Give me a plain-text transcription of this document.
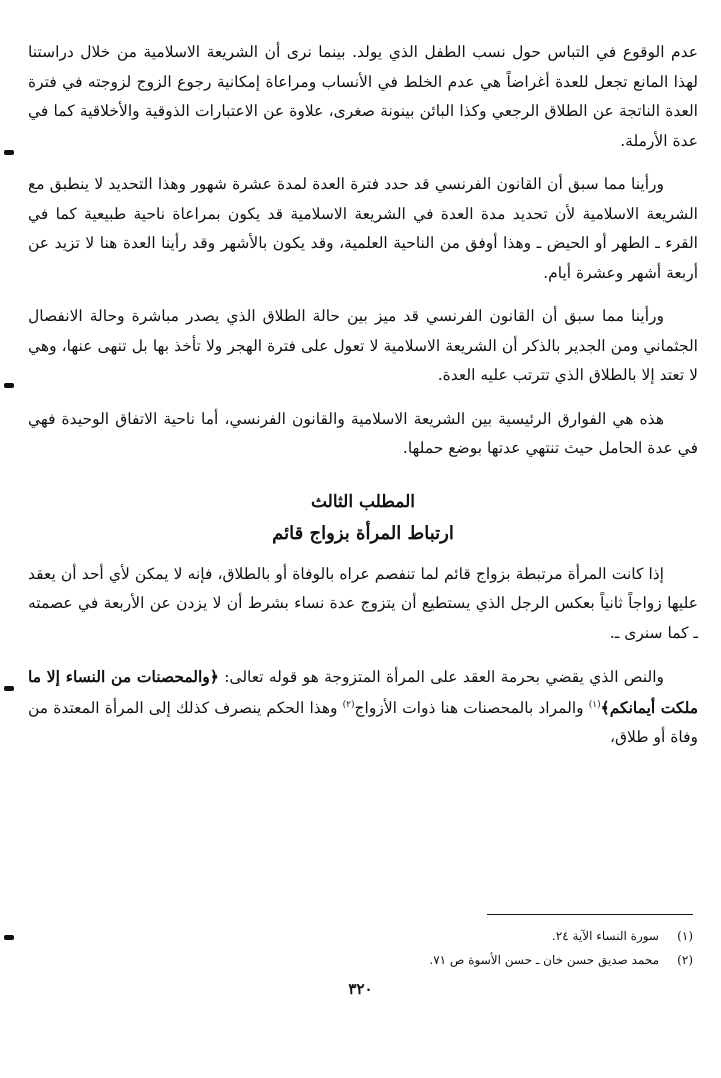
عدم الوقوع في التباس حول نسب الطفل الذي يولد. بينما نرى أن الشريعة الاسلامية من خلال دراستنا لهذا المانع تجعل للعدة أغراضاً هي عدم الخلط في الأنساب ومراعاة إمكانية رجوع الزوج لزوجته في فترة العدة الناتجة عن الطلاق الرجعي وكذا البائن بينونة صغرى، علاوة عن الاعتبارات الذوقية والأخلاقية كما في عدة الأرملة.

ورأينا مما سبق أن القانون الفرنسي قد حدد فترة العدة لمدة عشرة شهور وهذا التحديد لا ينطبق مع الشريعة الاسلامية لأن تحديد مدة العدة في الشريعة الاسلامية قد يكون بمراعاة ناحية طبيعية كما في القرء ـ الطهر أو الحيض ـ وهذا أوفق من الناحية العلمية، وقد يكون بالأشهر وقد رأينا العدة هنا لا تزيد عن أربعة أشهر وعشرة أيام.

ورأينا مما سبق أن القانون الفرنسي قد ميز بين حالة الطلاق الذي يصدر مباشرة وحالة الانفصال الجثماني ومن الجدير بالذكر أن الشريعة الاسلامية لا تعول على فترة الهجر ولا تأخذ بها بل تنهى عنها، وهي لا تعتد إلا بالطلاق الذي تترتب عليه العدة.

هذه هي الفوارق الرئيسية بين الشريعة الاسلامية والقانون الفرنسي، أما ناحية الاتفاق الوحيدة فهي في عدة الحامل حيث تنتهي عدتها بوضع حملها.

المطلب الثالث

ارتباط المرأة بزواج قائم

إذا كانت المرأة مرتبطة بزواج قائم لما تنفصم عراه بالوفاة أو بالطلاق، فإنه لا يمكن لأي أحد أن يعقد عليها زواجاً ثانياً بعكس الرجل الذي يستطيع أن يتزوج عدة نساء بشرط أن لا يزدن عن الأربعة في عصمته ـ كما سنرى ـ.

والنص الذي يقضي بحرمة العقد على المرأة المتزوجة هو قوله تعالى: ﴿والمحصنات من النساء إلا ما ملكت أيمانكم﴾$^{(١)}$ والمراد بالمحصنات هنا ذوات الأزواج$^{(٢)}$ وهذا الحكم ينصرف كذلك إلى المرأة المعتدة من وفاة أو طلاق،

(١)
سورة النساء الآية ٢٤.

(٢)
محمد صديق حسن خان ـ حسن الأسوة ص ٧١.

٣٢٠
